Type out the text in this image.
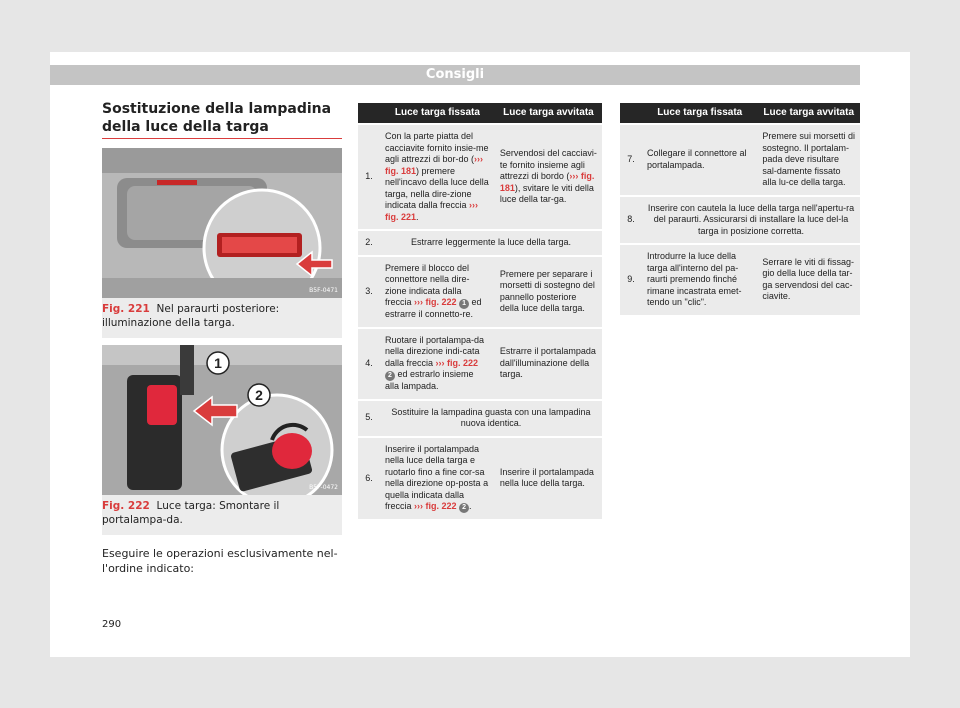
Consigli
Sostituzione della lampadina della luce della targa
B5F-0471
Fig. 221 Nel paraurti posteriore: illuminazione della targa.
1
2
B5F-0472
Fig. 222 Luce targa: Smontare il portalampa-da.
Eseguire le operazioni esclusivamente nel-l'ordine indicato:
	Luce targa fissata	Luce targa avvitata
1.	Con la parte piatta del cacciavite fornito insie-me agli attrezzi di bor-do (››› fig. 181) premere nell'incavo della luce della targa, nella dire-zione indicata dalla freccia ››› fig. 221.	Servendosi del cacciavi-te fornito insieme agli attrezzi di bordo (››› fig. 181), svitare le viti della luce della tar-ga.
2.	Estrarre leggermente la luce della targa.	
3.	Premere il blocco del connettore nella dire-zione indicata dalla freccia ››› fig. 222 1 ed estrarre il connetto-re.	Premere per separare i morsetti di sostegno del pannello posteriore della luce della targa.
4.	Ruotare il portalampa-da nella direzione indi-cata dalla freccia ››› fig. 222 2 ed estrarlo insieme alla lampada.	Estrarre il portalampada dall'illuminazione della targa.
5.	Sostituire la lampadina guasta con una lampadina nuova identica.	
6.	Inserire il portalampada nella luce della targa e ruotarlo fino a fine cor-sa nella direzione op-posta a quella indicata dalla freccia ››› fig. 222 2 .	Inserire il portalampada nella luce della targa.
	Luce targa fissata	Luce targa avvitata
7.	Collegare il connettore al portalampada.	Premere sui morsetti di sostegno. Il portalam-pada deve risultare sal-damente fissato alla lu-ce della targa.
8.	Inserire con cautela la luce della targa nell'apertu-ra del paraurti. Assicurarsi di installare la luce del-la targa in posizione corretta.	
9.	Introdurre la luce della targa all'interno del pa-raurti premendo finché rimane incastrata emet-tendo un "clic".	Serrare le viti di fissag-gio della luce della tar-ga servendosi del cac-ciavite.
290
